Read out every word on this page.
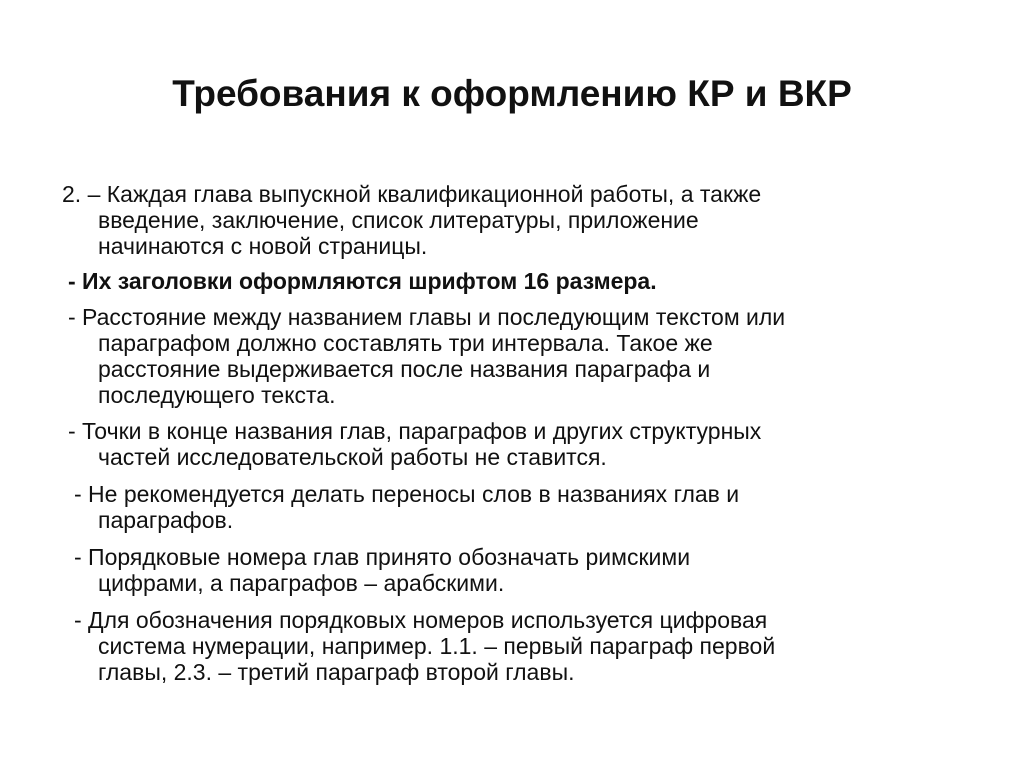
Требования к оформлению КР и ВКР
2. – Каждая глава выпускной квалификационной работы, а также
введение, заключение, список литературы, приложение
начинаются с новой страницы.
- Их заголовки оформляются шрифтом 16 размера.
- Расстояние между названием главы и последующим текстом или
параграфом должно составлять три интервала. Такое же
расстояние выдерживается после названия параграфа и
последующего текста.
- Точки в конце названия глав, параграфов и других структурных
частей исследовательской работы не ставится.
- Не рекомендуется делать переносы слов в названиях глав и
параграфов.
- Порядковые номера глав принято обозначать римскими
цифрами, а параграфов – арабскими.
- Для обозначения порядковых номеров используется цифровая
система нумерации, например. 1.1. – первый параграф первой
главы, 2.3. – третий параграф второй главы.
